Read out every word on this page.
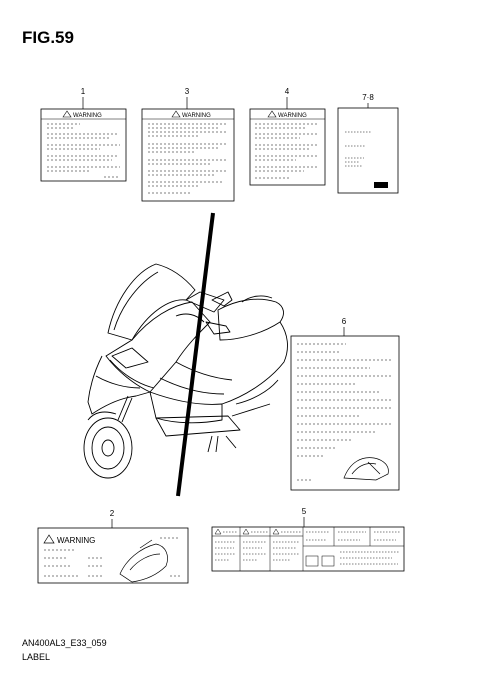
FIG.59
1
WARNING
3
WARNING
4
WARNING
7·8
6
2
WARNING
5
AN400AL3_E33_059
LABEL
